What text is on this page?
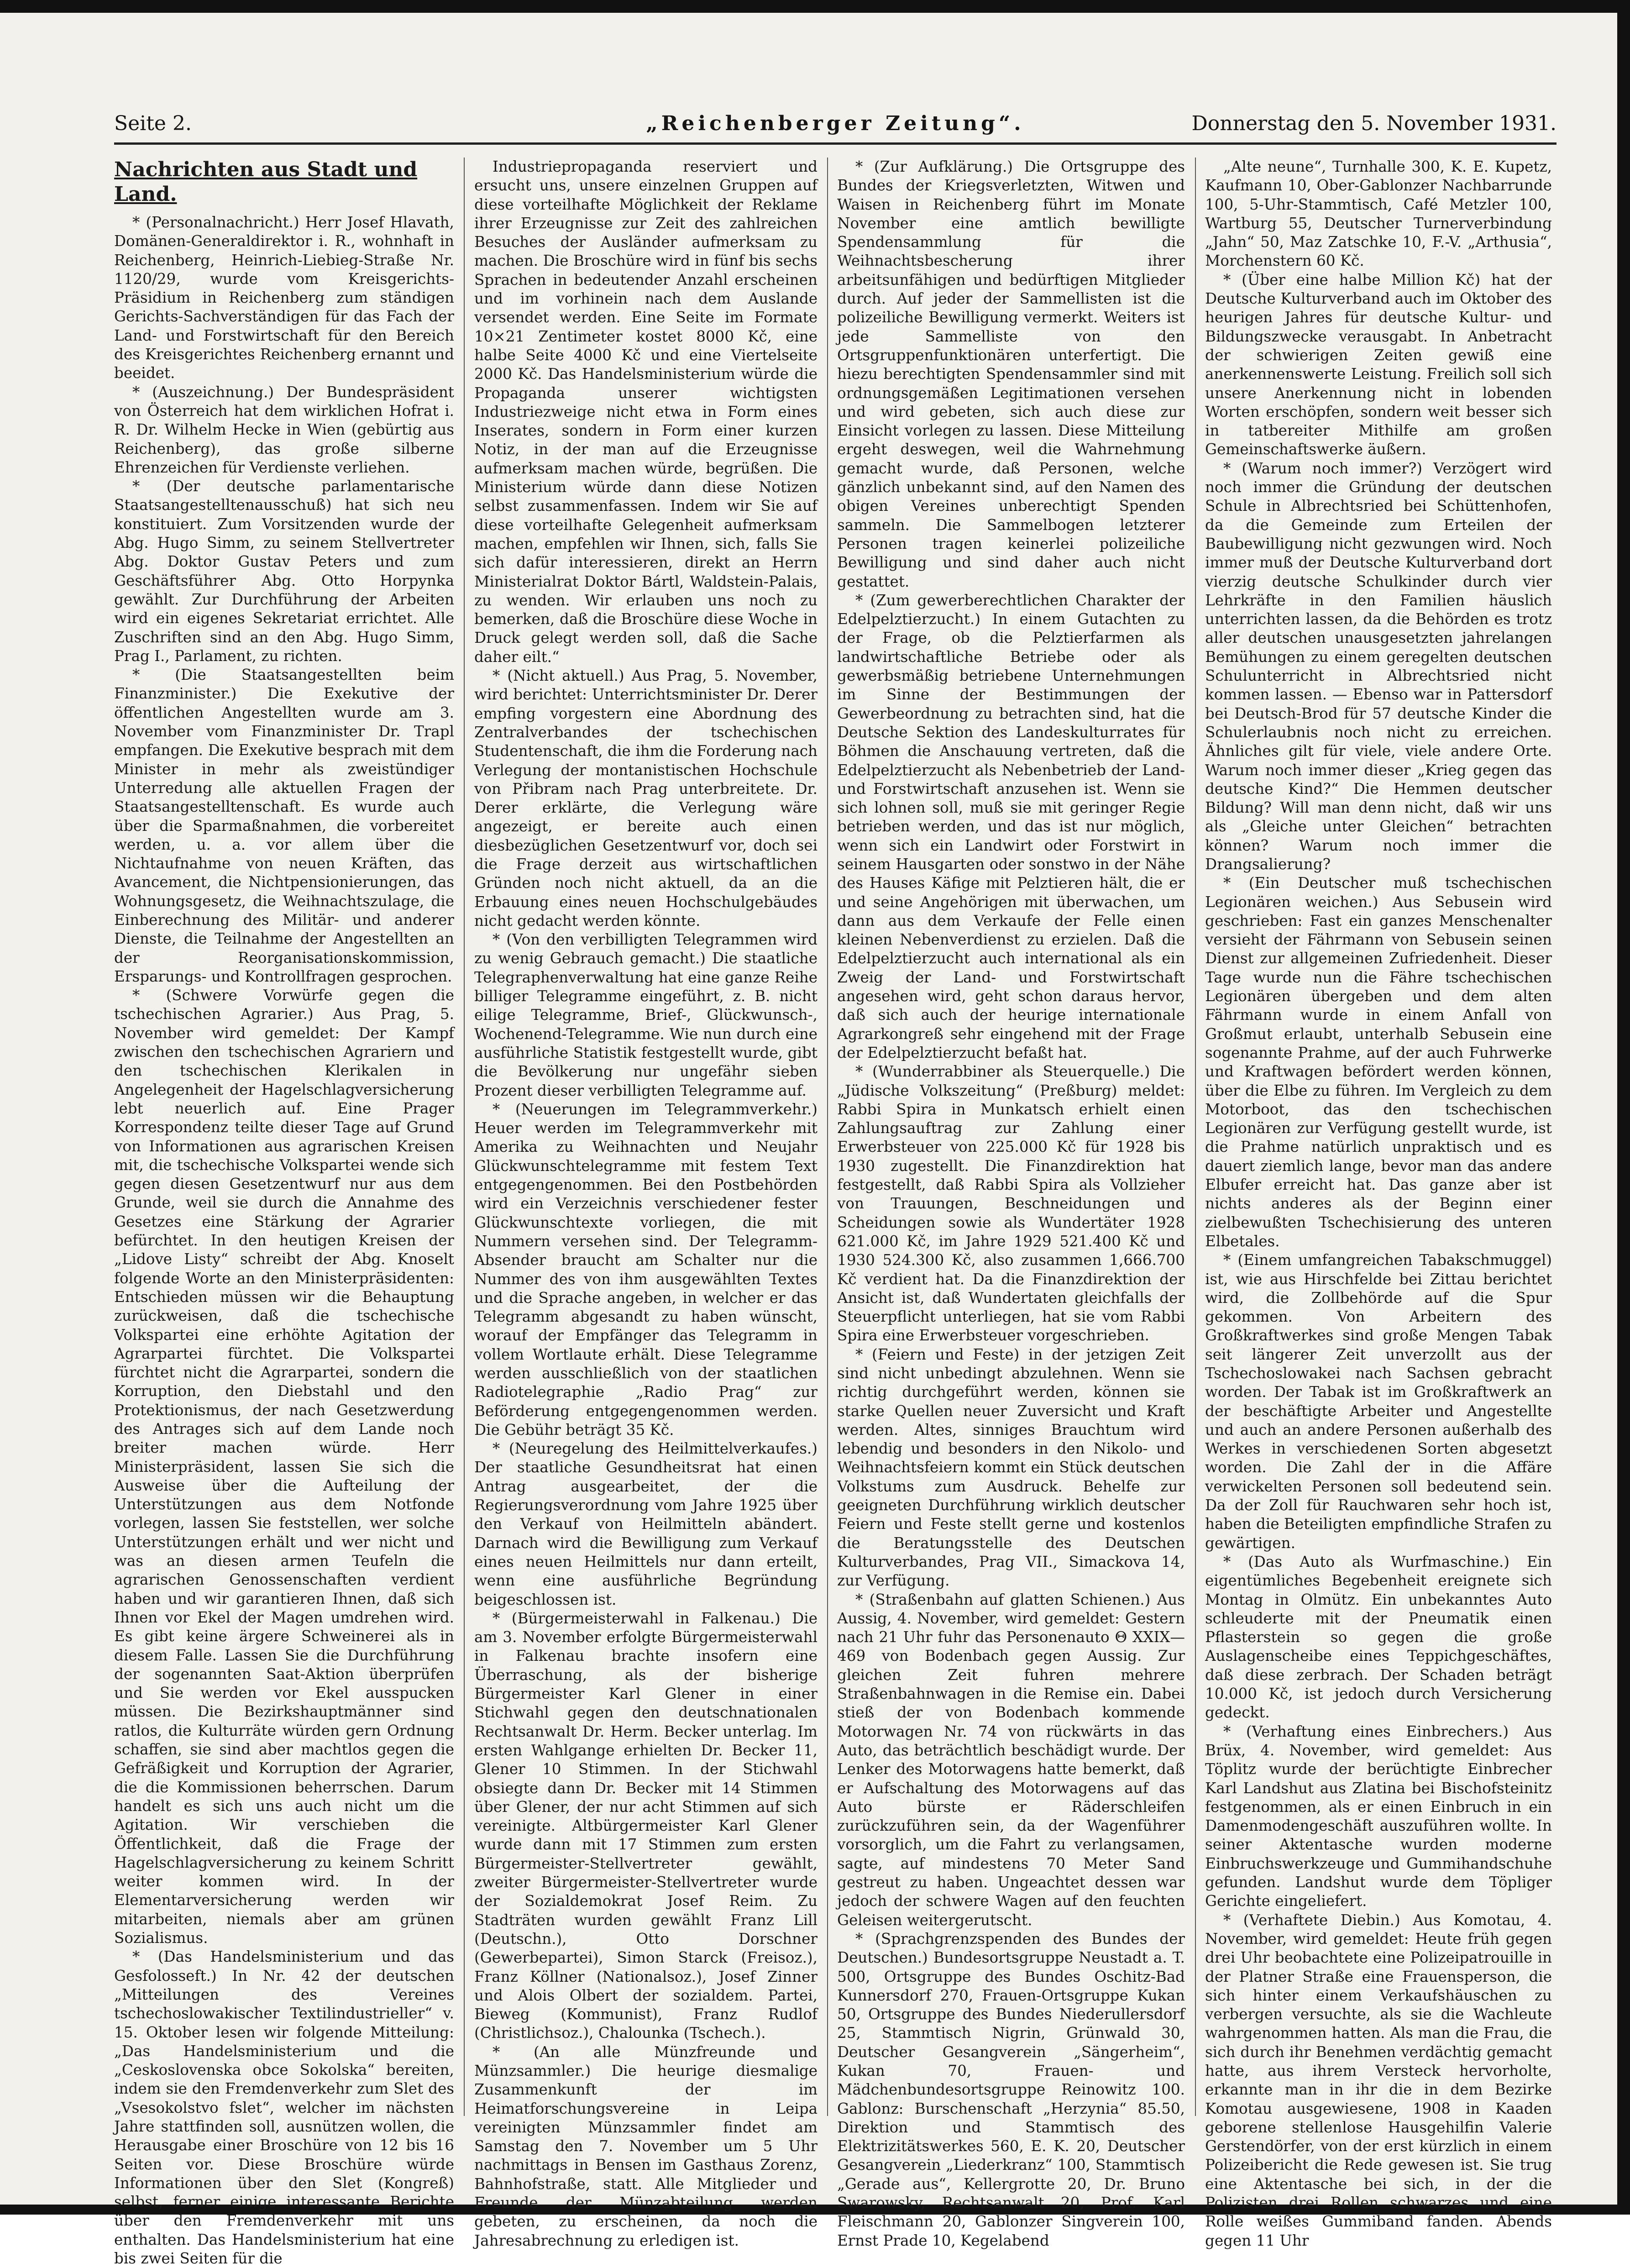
Seite 2.	„Reichenberger Zeitung“.	Donnerstag den 5. November 1931.
Nachrichten aus Stadt und Land.

* (Personalnachricht.) Herr Josef Hlavath, Domänen-Generaldirektor i. R., wohnhaft in Reichenberg, Heinrich-Liebieg-Straße Nr. 1120/29, wurde vom Kreisgerichts-Präsidium in Reichenberg zum ständigen Gerichts-Sachverständigen für das Fach der Land- und Forstwirtschaft für den Bereich des Kreisgerichtes Reichenberg ernannt und beeidet.

* (Auszeichnung.) Der Bundespräsident von Österreich hat dem wirklichen Hofrat i. R. Dr. Wilhelm Hecke in Wien (gebürtig aus Reichenberg), das große silberne Ehrenzeichen für Verdienste verliehen.

* (Der deutsche parlamentarische Staatsangestelltenausschuß) hat sich neu konstituiert. Zum Vorsitzenden wurde der Abg. Hugo Simm, zu seinem Stellvertreter Abg. Doktor Gustav Peters und zum Geschäftsführer Abg. Otto Horpynka gewählt. Zur Durchführung der Arbeiten wird ein eigenes Sekretariat errichtet. Alle Zuschriften sind an den Abg. Hugo Simm, Prag I., Parlament, zu richten.

* (Die Staatsangestellten beim Finanzminister.) Die Exekutive der öffentlichen Angestellten wurde am 3. November vom Finanzminister Dr. Trapl empfangen. Die Exekutive besprach mit dem Minister in mehr als zweistündiger Unterredung alle aktuellen Fragen der Staatsangestelltenschaft. Es wurde auch über die Sparmaßnahmen, die vorbereitet werden, u. a. vor allem über die Nichtaufnahme von neuen Kräften, das Avancement, die Nichtpensionierungen, das Wohnungsgesetz, die Weihnachtszulage, die Einberechnung des Militär- und anderer Dienste, die Teilnahme der Angestellten an der Reorganisationskommission, Ersparungs- und Kontrollfragen gesprochen.

* (Schwere Vorwürfe gegen die tschechischen Agrarier.) Aus Prag, 5. November wird gemeldet: Der Kampf zwischen den tschechischen Agrariern und den tschechischen Klerikalen in Angelegenheit der Hagelschlagversicherung lebt neuerlich auf. Eine Prager Korrespondenz teilte dieser Tage auf Grund von Informationen aus agrarischen Kreisen mit, die tschechische Volkspartei wende sich gegen diesen Gesetzentwurf nur aus dem Grunde, weil sie durch die Annahme des Gesetzes eine Stärkung der Agrarier befürchtet. In den heutigen Kreisen der „Lidove Listy“ schreibt der Abg. Knoselt folgende Worte an den Ministerpräsidenten: Entschieden müssen wir die Behauptung zurückweisen, daß die tschechische Volkspartei eine erhöhte Agitation der Agrarpartei fürchtet. Die Volkspartei fürchtet nicht die Agrarpartei, sondern die Korruption, den Diebstahl und den Protektionismus, der nach Gesetzwerdung des Antrages sich auf dem Lande noch breiter machen würde. Herr Ministerpräsident, lassen Sie sich die Ausweise über die Aufteilung der Unterstützungen aus dem Notfonde vorlegen, lassen Sie feststellen, wer solche Unterstützungen erhält und wer nicht und was an diesen armen Teufeln die agrarischen Genossenschaften verdient haben und wir garantieren Ihnen, daß sich Ihnen vor Ekel der Magen umdrehen wird. Es gibt keine ärgere Schweinerei als in diesem Falle. Lassen Sie die Durchführung der sogenannten Saat-Aktion überprüfen und Sie werden vor Ekel ausspucken müssen. Die Bezirkshauptmänner sind ratlos, die Kulturräte würden gern Ordnung schaffen, sie sind aber machtlos gegen die Gefräßigkeit und Korruption der Agrarier, die die Kommissionen beherrschen. Darum handelt es sich uns auch nicht um die Agitation. Wir verschieben die Öffentlichkeit, daß die Frage der Hagelschlagversicherung zu keinem Schritt weiter kommen wird. In der Elementarversicherung werden wir mitarbeiten, niemals aber am grünen Sozialismus.

* (Das Handelsministerium und das Gesfolosseft.) In Nr. 42 der deutschen „Mitteilungen des Vereines tschechoslowakischer Textilindustrieller“ v. 15. Oktober lesen wir folgende Mitteilung: „Das Handelsministerium und die „Ceskoslovenska obce Sokolska“ bereiten, indem sie den Fremdenverkehr zum Slet des „Vsesokolstvo fslet“, welcher im nächsten Jahre stattfinden soll, ausnützen wollen, die Herausgabe einer Broschüre von 12 bis 16 Seiten vor. Diese Broschüre würde Informationen über den Slet (Kongreß) selbst, ferner einige interessante Berichte über den Fremdenverkehr mit uns enthalten. Das Handelsministerium hat eine bis zwei Seiten für die

Industriepropaganda reserviert und ersucht uns, unsere einzelnen Gruppen auf diese vorteilhafte Möglichkeit der Reklame ihrer Erzeugnisse zur Zeit des zahlreichen Besuches der Ausländer aufmerksam zu machen. Die Broschüre wird in fünf bis sechs Sprachen in bedeutender Anzahl erscheinen und im vorhinein nach dem Auslande versendet werden. Eine Seite im Formate 10×21 Zentimeter kostet 8000 Kč, eine halbe Seite 4000 Kč und eine Viertelseite 2000 Kč. Das Handelsministerium würde die Propaganda unserer wichtigsten Industriezweige nicht etwa in Form eines Inserates, sondern in Form einer kurzen Notiz, in der man auf die Erzeugnisse aufmerksam machen würde, begrüßen. Die Ministerium würde dann diese Notizen selbst zusammenfassen. Indem wir Sie auf diese vorteilhafte Gelegenheit aufmerksam machen, empfehlen wir Ihnen, sich, falls Sie sich dafür interessieren, direkt an Herrn Ministerialrat Doktor Bártl, Waldstein-Palais, zu wenden. Wir erlauben uns noch zu bemerken, daß die Broschüre diese Woche in Druck gelegt werden soll, daß die Sache daher eilt.“

* (Nicht aktuell.) Aus Prag, 5. November, wird berichtet: Unterrichtsminister Dr. Derer empfing vorgestern eine Abordnung des Zentralverbandes der tschechischen Studentenschaft, die ihm die Forderung nach Verlegung der montanistischen Hochschule von Přibram nach Prag unterbreitete. Dr. Derer erklärte, die Verlegung wäre angezeigt, er bereite auch einen diesbezüglichen Gesetzentwurf vor, doch sei die Frage derzeit aus wirtschaftlichen Gründen noch nicht aktuell, da an die Erbauung eines neuen Hochschulgebäudes nicht gedacht werden könnte.

* (Von den verbilligten Telegrammen wird zu wenig Gebrauch gemacht.) Die staatliche Telegraphenverwaltung hat eine ganze Reihe billiger Telegramme eingeführt, z. B. nicht eilige Telegramme, Brief-, Glückwunsch-, Wochenend-Telegramme. Wie nun durch eine ausführliche Statistik festgestellt wurde, gibt die Bevölkerung nur ungefähr sieben Prozent dieser verbilligten Telegramme auf.

* (Neuerungen im Telegrammverkehr.) Heuer werden im Telegrammverkehr mit Amerika zu Weihnachten und Neujahr Glückwunschtelegramme mit festem Text entgegengenommen. Bei den Postbehörden wird ein Verzeichnis verschiedener fester Glückwunschtexte vorliegen, die mit Nummern versehen sind. Der Telegramm-Absender braucht am Schalter nur die Nummer des von ihm ausgewählten Textes und die Sprache angeben, in welcher er das Telegramm abgesandt zu haben wünscht, worauf der Empfänger das Telegramm in vollem Wortlaute erhält. Diese Telegramme werden ausschließlich von der staatlichen Radiotelegraphie „Radio Prag“ zur Beförderung entgegengenommen werden. Die Gebühr beträgt 35 Kč.

* (Neuregelung des Heilmittelverkaufes.) Der staatliche Gesundheitsrat hat einen Antrag ausgearbeitet, der die Regierungsverordnung vom Jahre 1925 über den Verkauf von Heilmitteln abändert. Darnach wird die Bewilligung zum Verkauf eines neuen Heilmittels nur dann erteilt, wenn eine ausführliche Begründung beigeschlossen ist.

* (Bürgermeisterwahl in Falkenau.) Die am 3. November erfolgte Bürgermeisterwahl in Falkenau brachte insofern eine Überraschung, als der bisherige Bürgermeister Karl Glener in einer Stichwahl gegen den deutschnationalen Rechtsanwalt Dr. Herm. Becker unterlag. Im ersten Wahlgange erhielten Dr. Becker 11, Glener 10 Stimmen. In der Stichwahl obsiegte dann Dr. Becker mit 14 Stimmen über Glener, der nur acht Stimmen auf sich vereinigte. Altbürgermeister Karl Glener wurde dann mit 17 Stimmen zum ersten Bürgermeister-Stellvertreter gewählt, zweiter Bürgermeister-Stellvertreter wurde der Sozialdemokrat Josef Reim. Zu Stadträten wurden gewählt Franz Lill (Deutschn.), Otto Dorschner (Gewerbepartei), Simon Starck (Freisoz.), Franz Köllner (Nationalsoz.), Josef Zinner und Alois Olbert der sozialdem. Partei, Bieweg (Kommunist), Franz Rudlof (Christlichsoz.), Chalounka (Tschech.).

* (An alle Münzfreunde und Münzsammler.) Die heurige diesmalige Zusammenkunft der im Heimatforschungsvereine in Leipa vereinigten Münzsammler findet am Samstag den 7. November um 5 Uhr nachmittags in Bensen im Gasthaus Zorenz, Bahnhofstraße, statt. Alle Mitglieder und Freunde der Münzabteilung werden gebeten, zu erscheinen, da noch die Jahresabrechnung zu erledigen ist.

* (Zur Aufklärung.) Die Ortsgruppe des Bundes der Kriegsverletzten, Witwen und Waisen in Reichenberg führt im Monate November eine amtlich bewilligte Spendensammlung für die Weihnachtsbescherung ihrer arbeitsunfähigen und bedürftigen Mitglieder durch. Auf jeder der Sammellisten ist die polizeiliche Bewilligung vermerkt. Weiters ist jede Sammelliste von den Ortsgruppenfunktionären unterfertigt. Die hiezu berechtigten Spendensammler sind mit ordnungsgemäßen Legitimationen versehen und wird gebeten, sich auch diese zur Einsicht vorlegen zu lassen. Diese Mitteilung ergeht deswegen, weil die Wahrnehmung gemacht wurde, daß Personen, welche gänzlich unbekannt sind, auf den Namen des obigen Vereines unberechtigt Spenden sammeln. Die Sammelbogen letzterer Personen tragen keinerlei polizeiliche Bewilligung und sind daher auch nicht gestattet.

* (Zum gewerberechtlichen Charakter der Edelpelztierzucht.) In einem Gutachten zu der Frage, ob die Pelztierfarmen als landwirtschaftliche Betriebe oder als gewerbsmäßig betriebene Unternehmungen im Sinne der Bestimmungen der Gewerbeordnung zu betrachten sind, hat die Deutsche Sektion des Landeskulturrates für Böhmen die Anschauung vertreten, daß die Edelpelztierzucht als Nebenbetrieb der Land- und Forstwirtschaft anzusehen ist. Wenn sie sich lohnen soll, muß sie mit geringer Regie betrieben werden, und das ist nur möglich, wenn sich ein Landwirt oder Forstwirt in seinem Hausgarten oder sonstwo in der Nähe des Hauses Käfige mit Pelztieren hält, die er und seine Angehörigen mit überwachen, um dann aus dem Verkaufe der Felle einen kleinen Nebenverdienst zu erzielen. Daß die Edelpelztierzucht auch international als ein Zweig der Land- und Forstwirtschaft angesehen wird, geht schon daraus hervor, daß sich auch der heurige internationale Agrarkongreß sehr eingehend mit der Frage der Edelpelztierzucht befaßt hat.

* (Wunderrabbiner als Steuerquelle.) Die „Jüdische Volkszeitung“ (Preßburg) meldet: Rabbi Spira in Munkatsch erhielt einen Zahlungsauftrag zur Zahlung einer Erwerbsteuer von 225.000 Kč für 1928 bis 1930 zugestellt. Die Finanzdirektion hat festgestellt, daß Rabbi Spira als Vollzieher von Trauungen, Beschneidungen und Scheidungen sowie als Wundertäter 1928 621.000 Kč, im Jahre 1929 521.400 Kč und 1930 524.300 Kč, also zusammen 1,666.700 Kč verdient hat. Da die Finanzdirektion der Ansicht ist, daß Wundertaten gleichfalls der Steuerpflicht unterliegen, hat sie vom Rabbi Spira eine Erwerbsteuer vorgeschrieben.

* (Feiern und Feste) in der jetzigen Zeit sind nicht unbedingt abzulehnen. Wenn sie richtig durchgeführt werden, können sie starke Quellen neuer Zuversicht und Kraft werden. Altes, sinniges Brauchtum wird lebendig und besonders in den Nikolo- und Weihnachtsfeiern kommt ein Stück deutschen Volkstums zum Ausdruck. Behelfe zur geeigneten Durchführung wirklich deutscher Feiern und Feste stellt gerne und kostenlos die Beratungsstelle des Deutschen Kulturverbandes, Prag VII., Simackova 14, zur Verfügung.

* (Straßenbahn auf glatten Schienen.) Aus Aussig, 4. November, wird gemeldet: Gestern nach 21 Uhr fuhr das Personenauto Θ XXIX—469 von Bodenbach gegen Aussig. Zur gleichen Zeit fuhren mehrere Straßenbahnwagen in die Remise ein. Dabei stieß der von Bodenbach kommende Motorwagen Nr. 74 von rückwärts in das Auto, das beträchtlich beschädigt wurde. Der Lenker des Motorwagens hatte bemerkt, daß er Aufschaltung des Motorwagens auf das Auto bürste er Räderschleifen zurückzuführen sein, da der Wagenführer vorsorglich, um die Fahrt zu verlangsamen, sagte, auf mindestens 70 Meter Sand gestreut zu haben. Ungeachtet dessen war jedoch der schwere Wagen auf den feuchten Geleisen weitergerutscht.

* (Sprachgrenzspenden des Bundes der Deutschen.) Bundesortsgruppe Neustadt a. T. 500, Ortsgruppe des Bundes Oschitz-Bad Kunnersdorf 270, Frauen-Ortsgruppe Kukan 50, Ortsgruppe des Bundes Niederullersdorf 25, Stammtisch Nigrin, Grünwald 30, Deutscher Gesangverein „Sängerheim“, Kukan 70, Frauen- und Mädchenbundesortsgruppe Reinowitz 100. Gablonz: Burschenschaft „Herzynia“ 85.50, Direktion und Stammtisch des Elektrizitätswerkes 560, E. K. 20, Deutscher Gesangverein „Liederkranz“ 100, Stammtisch „Gerade aus“, Kellergrotte 20, Dr. Bruno Swarowsky, Rechtsanwalt 20, Prof. Karl Fleischmann 20, Gablonzer Singverein 100, Ernst Prade 10, Kegelabend

„Alte neune“, Turnhalle 300, K. E. Kupetz, Kaufmann 10, Ober-Gablonzer Nachbarrunde 100, 5-Uhr-Stammtisch, Café Metzler 100, Wartburg 55, Deutscher Turnerverbindung „Jahn“ 50, Maz Zatschke 10, F.-V. „Arthusia“, Morchenstern 60 Kč.

* (Über eine halbe Million Kč) hat der Deutsche Kulturverband auch im Oktober des heurigen Jahres für deutsche Kultur- und Bildungszwecke verausgabt. In Anbetracht der schwierigen Zeiten gewiß eine anerkennenswerte Leistung. Freilich soll sich unsere Anerkennung nicht in lobenden Worten erschöpfen, sondern weit besser sich in tatbereiter Mithilfe am großen Gemeinschaftswerke äußern.

* (Warum noch immer?) Verzögert wird noch immer die Gründung der deutschen Schule in Albrechtsried bei Schüttenhofen, da die Gemeinde zum Erteilen der Baubewilligung nicht gezwungen wird. Noch immer muß der Deutsche Kulturverband dort vierzig deutsche Schulkinder durch vier Lehrkräfte in den Familien häuslich unterrichten lassen, da die Behörden es trotz aller deutschen unausgesetzten jahrelangen Bemühungen zu einem geregelten deutschen Schulunterricht in Albrechtsried nicht kommen lassen. — Ebenso war in Pattersdorf bei Deutsch-Brod für 57 deutsche Kinder die Schulerlaubnis noch nicht zu erreichen. Ähnliches gilt für viele, viele andere Orte. Warum noch immer dieser „Krieg gegen das deutsche Kind?“ Die Hemmen deutscher Bildung? Will man denn nicht, daß wir uns als „Gleiche unter Gleichen“ betrachten können? Warum noch immer die Drangsalierung?

* (Ein Deutscher muß tschechischen Legionären weichen.) Aus Sebusein wird geschrieben: Fast ein ganzes Menschenalter versieht der Fährmann von Sebusein seinen Dienst zur allgemeinen Zufriedenheit. Dieser Tage wurde nun die Fähre tschechischen Legionären übergeben und dem alten Fährmann wurde in einem Anfall von Großmut erlaubt, unterhalb Sebusein eine sogenannte Prahme, auf der auch Fuhrwerke und Kraftwagen befördert werden können, über die Elbe zu führen. Im Vergleich zu dem Motorboot, das den tschechischen Legionären zur Verfügung gestellt wurde, ist die Prahme natürlich unpraktisch und es dauert ziemlich lange, bevor man das andere Elbufer erreicht hat. Das ganze aber ist nichts anderes als der Beginn einer zielbewußten Tschechisierung des unteren Elbetales.

* (Einem umfangreichen Tabakschmuggel) ist, wie aus Hirschfelde bei Zittau berichtet wird, die Zollbehörde auf die Spur gekommen. Von Arbeitern des Großkraftwerkes sind große Mengen Tabak seit längerer Zeit unverzollt aus der Tschechoslowakei nach Sachsen gebracht worden. Der Tabak ist im Großkraftwerk an der beschäftigte Arbeiter und Angestellte und auch an andere Personen außerhalb des Werkes in verschiedenen Sorten abgesetzt worden. Die Zahl der in die Affäre verwickelten Personen soll bedeutend sein. Da der Zoll für Rauchwaren sehr hoch ist, haben die Beteiligten empfindliche Strafen zu gewärtigen.

* (Das Auto als Wurfmaschine.) Ein eigentümliches Begebenheit ereignete sich Montag in Olmütz. Ein unbekanntes Auto schleuderte mit der Pneumatik einen Pflasterstein so gegen die große Auslagenscheibe eines Teppichgeschäftes, daß diese zerbrach. Der Schaden beträgt 10.000 Kč, ist jedoch durch Versicherung gedeckt.

* (Verhaftung eines Einbrechers.) Aus Brüx, 4. November, wird gemeldet: Aus Töplitz wurde der berüchtigte Einbrecher Karl Landshut aus Zlatina bei Bischofsteinitz festgenommen, als er einen Einbruch in ein Damenmodengeschäft auszuführen wollte. In seiner Aktentasche wurden moderne Einbruchswerkzeuge und Gummihandschuhe gefunden. Landshut wurde dem Töpliger Gerichte eingeliefert.

* (Verhaftete Diebin.) Aus Komotau, 4. November, wird gemeldet: Heute früh gegen drei Uhr beobachtete eine Polizeipatrouille in der Platner Straße eine Frauensperson, die sich hinter einem Verkaufshäuschen zu verbergen versuchte, als sie die Wachleute wahrgenommen hatten. Als man die Frau, die sich durch ihr Benehmen verdächtig gemacht hatte, aus ihrem Versteck hervorholte, erkannte man in ihr die in dem Bezirke Komotau ausgewiesene, 1908 in Kaaden geborene stellenlose Hausgehilfin Valerie Gerstendörfer, von der erst kürzlich in einem Polizeibericht die Rede gewesen ist. Sie trug eine Aktentasche bei sich, in der die Polizisten drei Rollen schwarzes und eine Rolle weißes Gummiband fanden. Abends gegen 11 Uhr
